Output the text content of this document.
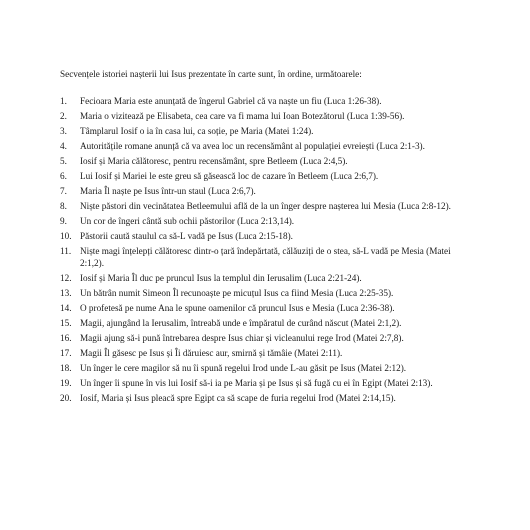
Secvențele istoriei nașterii lui Isus prezentate în carte sunt, în ordine, următoarele:

1. Fecioara Maria este anunțată de îngerul Gabriel că va naște un fiu (Luca 1:26-38).
2. Maria o vizitează pe Elisabeta, cea care va fi mama lui Ioan Botezătorul (Luca 1:39-56).
3. Tâmplarul Iosif o ia în casa lui, ca soție, pe Maria (Matei 1:24).
4. Autoritățile romane anunță că va avea loc un recensământ al populației evreiești (Luca 2:1-3).
5. Iosif și Maria călătoresc, pentru recensământ, spre Betleem (Luca 2:4,5).
6. Lui Iosif și Mariei le este greu să găsească loc de cazare în Betleem (Luca 2:6,7).
7. Maria Îl naște pe Isus într-un staul (Luca 2:6,7).
8. Niște păstori din vecinătatea Betleemului află de la un înger despre nașterea lui Mesia (Luca 2:8-12).
9. Un cor de îngeri cântă sub ochii păstorilor (Luca 2:13,14).
10. Păstorii caută staulul ca să-L vadă pe Isus (Luca 2:15-18).
11. Niște magi înțelepți călătoresc dintr-o țară îndepărtată, călăuziți de o stea, să-L vadă pe Mesia (Matei 2:1,2).
12. Iosif și Maria Îl duc pe pruncul Isus la templul din Ierusalim (Luca 2:21-24).
13. Un bătrân numit Simeon Îl recunoaște pe micuțul Isus ca fiind Mesia (Luca 2:25-35).
14. O profetesă pe nume Ana le spune oamenilor că pruncul Isus e Mesia (Luca 2:36-38).
15. Magii, ajungând la Ierusalim, întreabă unde e împăratul de curând născut (Matei 2:1,2).
16. Magii ajung să-i pună întrebarea despre Isus chiar și vicleanului rege Irod (Matei 2:7,8).
17. Magii Îl găsesc pe Isus și Îi dăruiesc aur, smirnă și tămâie (Matei 2:11).
18. Un înger le cere magilor să nu îi spună regelui Irod unde L-au găsit pe Isus (Matei 2:12).
19. Un înger îi spune în vis lui Iosif să-i ia pe Maria și pe Isus și să fugă cu ei în Egipt (Matei 2:13).
20. Iosif, Maria și Isus pleacă spre Egipt ca să scape de furia regelui Irod (Matei 2:14,15).
